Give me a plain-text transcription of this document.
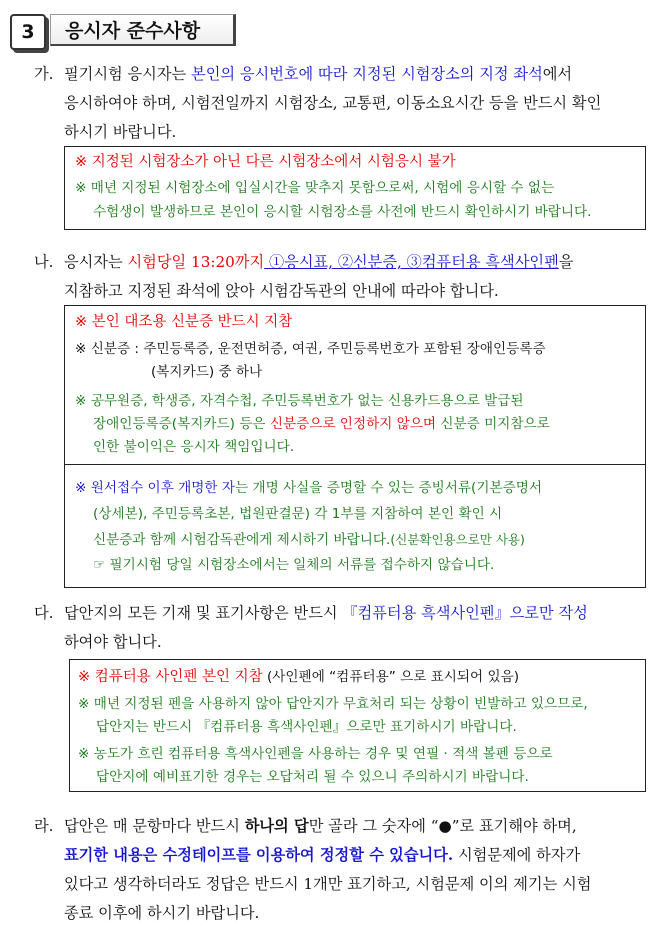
3	응시자 준수사항
가. 필기시험 응시자는 본인의 응시번호에 따라 지정된 시험장소의 지정 좌석에서
응시하여야 하며, 시험전일까지 시험장소, 교통편, 이동소요시간 등을 반드시 확인
하시기 바랍니다.
※ 지정된 시험장소가 아닌 다른 시험장소에서 시험응시 불가
※ 매년 지정된 시험장소에 입실시간을 맞추지 못함으로써, 시험에 응시할 수 없는
수험생이 발생하므로 본인이 응시할 시험장소를 사전에 반드시 확인하시기 바랍니다.
나. 응시자는 시험당일 13:20까지 ①응시표, ②신분증, ③컴퓨터용 흑색사인펜을
지참하고 지정된 좌석에 앉아 시험감독관의 안내에 따라야 합니다.
※ 본인 대조용 신분증 반드시 지참
※ 신분증 : 주민등록증, 운전면허증, 여권, 주민등록번호가 포함된 장애인등록증
(복지카드) 중 하나
※ 공무원증, 학생증, 자격수첩, 주민등록번호가 없는 신용카드용으로 발급된
장애인등록증(복지카드) 등은 신분증으로 인정하지 않으며 신분증 미지참으로
인한 불이익은 응시자 책임입니다.
※ 원서접수 이후 개명한 자는 개명 사실을 증명할 수 있는 증빙서류(기본증명서
(상세본), 주민등록초본, 법원판결문) 각 1부를 지참하여 본인 확인 시
신분증과 함께 시험감독관에게 제시하기 바랍니다.(신분확인용으로만 사용)
☞ 필기시험 당일 시험장소에서는 일체의 서류를 접수하지 않습니다.
다. 답안지의 모든 기재 및 표기사항은 반드시 『컴퓨터용 흑색사인펜』으로만 작성
하여야 합니다.
※ 컴퓨터용 사인펜 본인 지참 (사인펜에 “컴퓨터용” 으로 표시되어 있음)
※ 매년 지정된 펜을 사용하지 않아 답안지가 무효처리 되는 상황이 빈발하고 있으므로,
답안지는 반드시 『컴퓨터용 흑색사인펜』으로만 표기하시기 바랍니다.
※ 농도가 흐린 컴퓨터용 흑색사인펜을 사용하는 경우 및 연필 · 적색 볼펜 등으로
답안지에 예비표기한 경우는 오답처리 될 수 있으니 주의하시기 바랍니다.
라. 답안은 매 문항마다 반드시 하나의 답만 골라 그 숫자에 “●”로 표기해야 하며,
표기한 내용은 수정테이프를 이용하여 정정할 수 있습니다. 시험문제에 하자가
있다고 생각하더라도 정답은 반드시 1개만 표기하고, 시험문제 이의 제기는 시험
종료 이후에 하시기 바랍니다.
